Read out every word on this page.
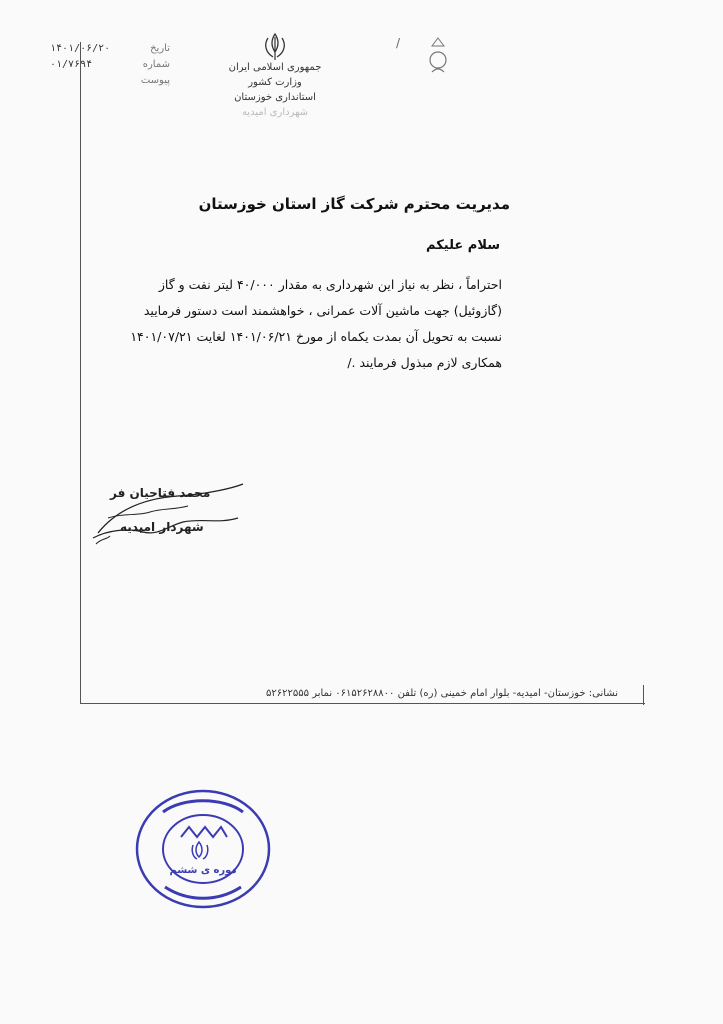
تاریخ
۱۴۰۱/۰۶/۲۰
شماره
۰۱/۷۶۹۴
پیوست
جمهوری اسلامی ایران
وزارت کشور
استانداری خوزستان
شهرداری امیدیه
/
مدیریت محترم شرکت گاز استان خوزستان
سلام علیکم
احتراماً ، نظر به نیاز این شهرداری به مقدار ۴۰/۰۰۰ لیتر نفت و گاز
(گازوئیل) جهت ماشین آلات عمرانی ، خواهشمند است دستور فرمایید
نسبت به تحویل آن بمدت یکماه از مورخ ۱۴۰۱/۰۶/۲۱ لغایت ۱۴۰۱/۰۷/۲۱
همکاری لازم مبذول فرمایند ./
محمد فتاحیان فر
شهردار امیدیه
نشانی: خوزستان- امیدیه- بلوار امام خمینی (ره) تلفن ۰۶۱۵۲۶۲۸۸۰۰ نمابر ۵۲۶۲۲۵۵۵
دوره ی ششم
